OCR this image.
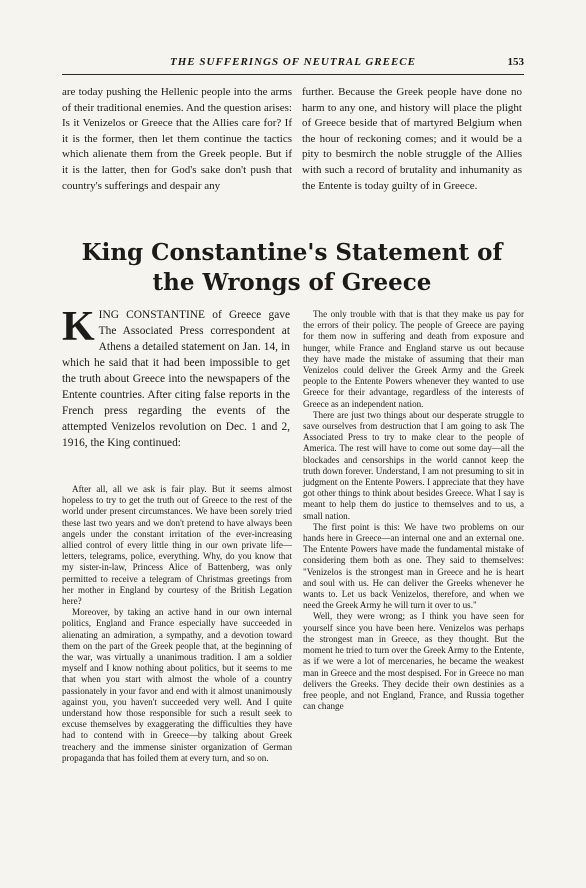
THE SUFFERINGS OF NEUTRAL GREECE	153

are today pushing the Hellenic people into the arms of their traditional enemies. And the question arises: Is it Venizelos or Greece that the Allies care for? If it is the former, then let them continue the tactics which alienate them from the Greek people. But if it is the latter, then for God's sake don't push that country's sufferings and despair any

further. Because the Greek people have done no harm to any one, and history will place the plight of Greece beside that of martyred Belgium when the hour of reckoning comes; and it would be a pity to besmirch the noble struggle of the Allies with such a record of brutality and inhumanity as the Entente is today guilty of in Greece.

King Constantine's Statement of the Wrongs of Greece
K ING CONSTANTINE of Greece gave The Associated Press correspondent at Athens a detailed statement on Jan. 14, in which he said that it had been impossible to get the truth about Greece into the newspapers of the Entente countries. After citing false reports in the French press regarding the events of the attempted Venizelos revolution on Dec. 1 and 2, 1916, the King continued:

After all, all we ask is fair play. But it seems almost hopeless to try to get the truth out of Greece to the rest of the world under present circumstances. We have been sorely tried these last two years and we don't pretend to have always been angels under the constant irritation of the ever-increasing allied control of every little thing in our own private life—letters, telegrams, police, everything. Why, do you know that my sister-in-law, Princess Alice of Battenberg, was only permitted to receive a telegram of Christmas greetings from her mother in England by courtesy of the British Legation here?

Moreover, by taking an active hand in our own internal politics, England and France especially have succeeded in alienating an admiration, a sympathy, and a devotion toward them on the part of the Greek people that, at the beginning of the war, was virtually a unanimous tradition. I am a soldier myself and I know nothing about politics, but it seems to me that when you start with almost the whole of a country passionately in your favor and end with it almost unanimously against you, you haven't succeeded very well. And I quite understand how those responsible for such a result seek to excuse themselves by exaggerating the difficulties they have had to contend with in Greece—by talking about Greek treachery and the immense sinister organization of German propaganda that has foiled them at every turn, and so on.

The only trouble with that is that they make us pay for the errors of their policy. The people of Greece are paying for them now in suffering and death from exposure and hunger, while France and England starve us out because they have made the mistake of assuming that their man Venizelos could deliver the Greek Army and the Greek people to the Entente Powers whenever they wanted to use Greece for their advantage, regardless of the interests of Greece as an independent nation.

There are just two things about our desperate struggle to save ourselves from destruction that I am going to ask The Associated Press to try to make clear to the people of America. The rest will have to come out some day—all the blockades and censorships in the world cannot keep the truth down forever. Understand, I am not presuming to sit in judgment on the Entente Powers. I appreciate that they have got other things to think about besides Greece. What I say is meant to help them do justice to themselves and to us, a small nation.

The first point is this: We have two problems on our hands here in Greece—an internal one and an external one. The Entente Powers have made the fundamental mistake of considering them both as one. They said to themselves: "Venizelos is the strongest man in Greece and he is heart and soul with us. He can deliver the Greeks whenever he wants to. Let us back Venizelos, therefore, and when we need the Greek Army he will turn it over to us."

Well, they were wrong; as I think you have seen for yourself since you have been here. Venizelos was perhaps the strongest man in Greece, as they thought. But the moment he tried to turn over the Greek Army to the Entente, as if we were a lot of mercenaries, he became the weakest man in Greece and the most despised. For in Greece no man delivers the Greeks. They decide their own destinies as a free people, and not England, France, and Russia together can change
